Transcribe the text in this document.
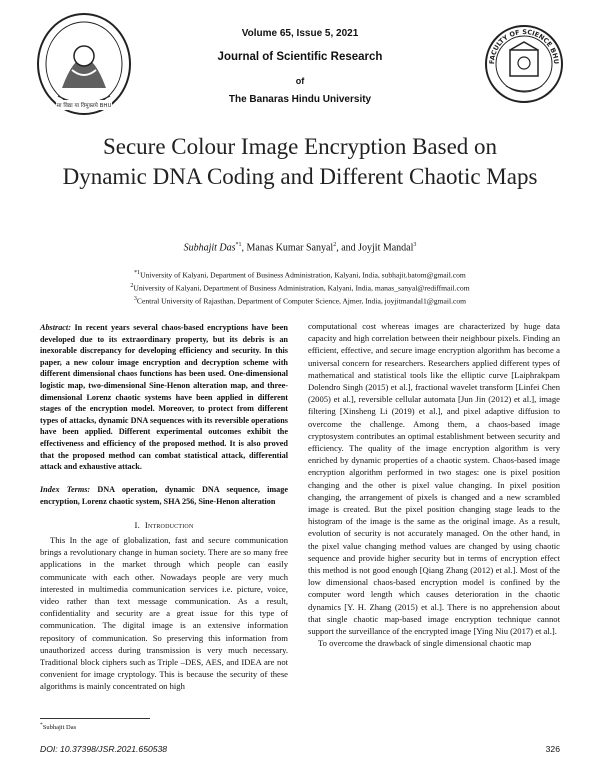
Volume 65, Issue 5, 2021
Journal of Scientific Research
of
The Banaras Hindu University
सा विद्या या विमुक्तये BHU
FACULTY OF SCIENCE BHU
Secure Colour Image Encryption Based on Dynamic DNA Coding and Different Chaotic Maps
Subhajit Das$^{*1}$, Manas Kumar Sanyal$^2$, and Joyjit Mandal$^3$
$^{*1}$University of Kalyani, Department of Business Administration, Kalyani, India, subhajit.batom@gmail.com
$^2$University of Kalyani, Department of Business Administration, Kalyani, India, manas_sanyal@rediffmail.com
$^3$Central University of Rajasthan, Department of Computer Science, Ajmer, India, joyjitmandal1@gmail.com
Abstract: In recent years several chaos-based encryptions have been developed due to its extraordinary property, but its debris is an inexorable discrepancy for developing efficiency and security. In this paper, a new colour image encryption and decryption scheme with different dimensional chaos functions has been used. One-dimensional logistic map, two-dimensional Sine-Henon alteration map, and three-dimensional Lorenz chaotic systems have been applied in different stages of the encryption model. Moreover, to protect from different types of attacks, dynamic DNA sequences with its reversible operations have been applied. Different experimental outcomes exhibit the effectiveness and efficiency of the proposed method. It is also proved that the proposed method can combat statistical attack, differential attack and exhaustive attack.
Index Terms: DNA operation, dynamic DNA sequence, image encryption, Lorenz chaotic system, SHA 256, Sine-Henon alteration
I. Introduction

This In the age of globalization, fast and secure communication brings a revolutionary change in human society. There are so many free applications in the market through which people can easily communicate with each other. Nowadays people are very much interested in multimedia communication services i.e. picture, voice, video rather than text message communication. As a result, confidentiality and security are a great issue for this type of communication. The digital image is an extensive information repository of communication. So preserving this information from unauthorized access during transmission is very much necessary. Traditional block ciphers such as Triple –DES, AES, and IDEA are not convenient for image cryptology. This is because the security of these algorithms is mainly concentrated on high

computational cost whereas images are characterized by huge data capacity and high correlation between their neighbour pixels. Finding an efficient, effective, and secure image encryption algorithm has become a universal concern for researchers. Researchers applied different types of mathematical and statistical tools like the elliptic curve [Laiphrakpam Dolendro Singh (2015) et al.], fractional wavelet transform [Linfei Chen (2005) et al.], reversible cellular automata [Jun Jin (2012) et al.], image filtering [Xinsheng Li (2019) et al.], and pixel adaptive diffusion to overcome the challenge. Among them, a chaos-based image cryptosystem contributes an optimal establishment between security and efficiency. The quality of the image encryption algorithm is very enriched by dynamic properties of a chaotic system. Chaos-based image encryption algorithm performed in two stages: one is pixel position changing and the other is pixel value changing. In pixel position changing, the arrangement of pixels is changed and a new scrambled image is created. But the pixel position changing stage leads to the histogram of the image is the same as the original image. As a result, evolution of security is not accurately managed. On the other hand, in the pixel value changing method values are changed by using chaotic sequence and provide higher security but in terms of encryption effect this method is not good enough [Qiang Zhang (2012) et al.]. Most of the low dimensional chaos-based encryption model is confined by the computer word length which causes deterioration in the chaotic dynamics [Y. H. Zhang (2015) et al.]. There is no apprehension about that single chaotic map-based image encryption technique cannot support the surveillance of the encrypted image [Ying Niu (2017) et al.].

To overcome the drawback of single dimensional chaotic map

*Subhajit Das
DOI: 10.37398/JSR.2021.650538	326
